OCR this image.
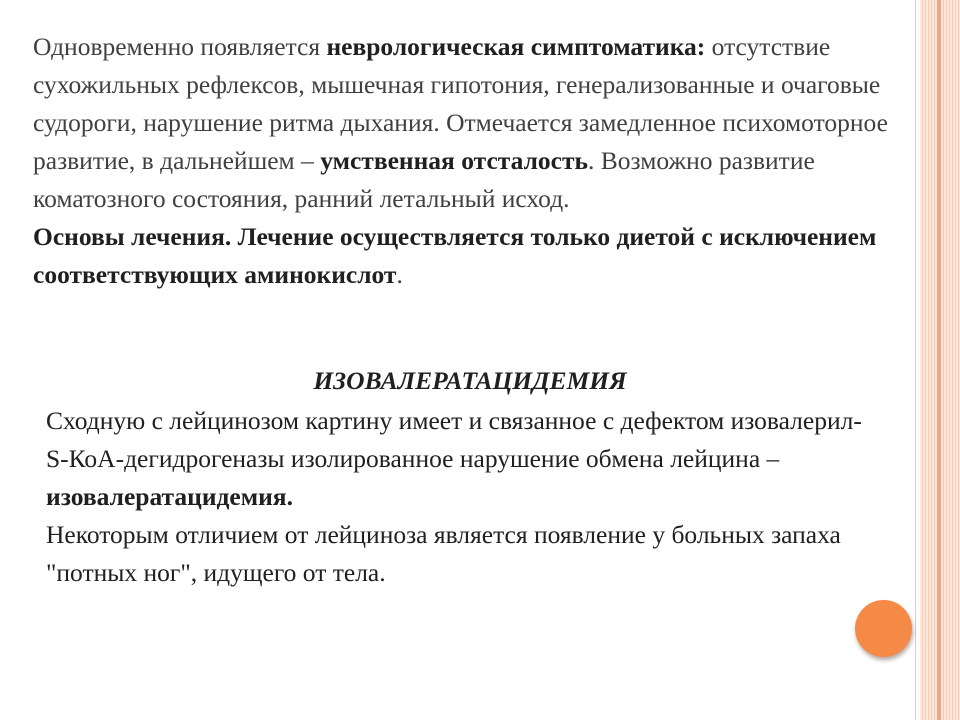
Одновременно появляется неврологическая симптоматика: отсутствие сухожильных рефлексов, мышечная гипотония, генерализованные и очаговые судороги, нарушение ритма дыхания. Отмечается замедленное психомоторное развитие, в дальнейшем – умственная отсталость. Возможно развитие коматозного состояния, ранний летальный исход.

Основы лечения. Лечение осуществляется только диетой с исключением соответствующих аминокислот.

ИЗОВАЛЕРАТАЦИДЕМИЯ

Сходную с лейцинозом картину имеет и связанное с дефектом изовалерил-S-КоА-дегидрогеназы изолированное нарушение обмена лейцина – изовалератацидемия.

Некоторым отличием от лейциноза является появление у больных запаха "потных ног", идущего от тела.
